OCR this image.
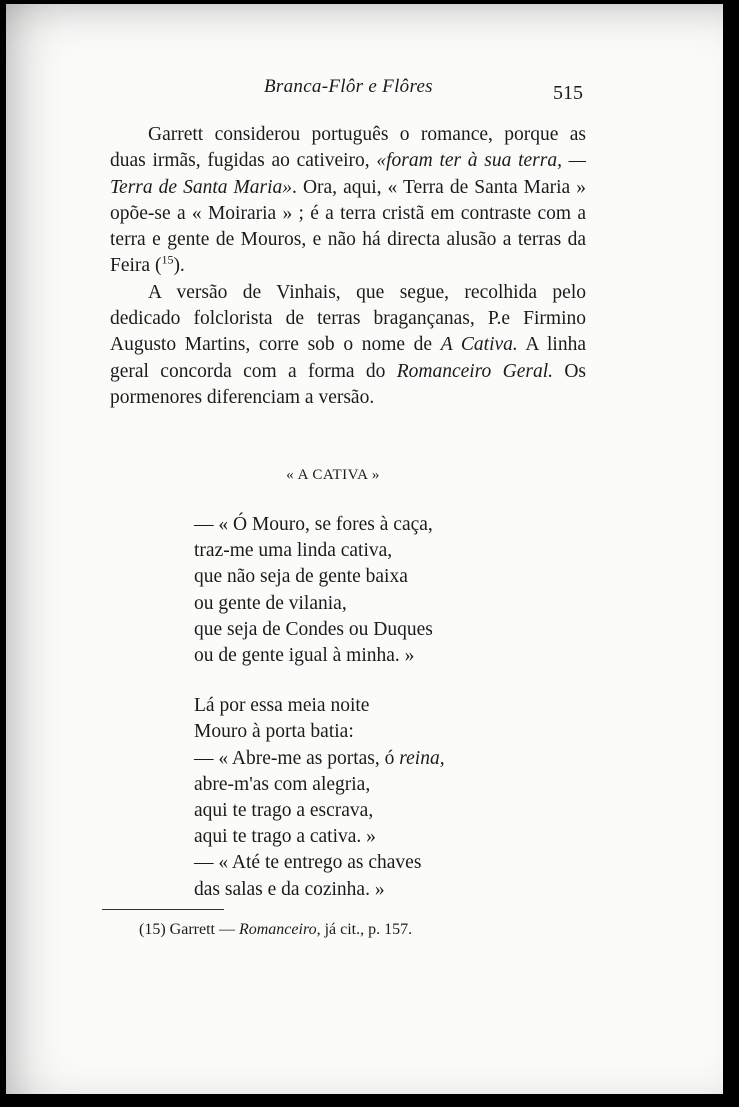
Branca-Flôr e Flôres	515

Garrett considerou português o romance, porque as duas irmãs, fugidas ao cativeiro, «foram ter à sua terra, — Terra de Santa Maria». Ora, aqui, « Terra de Santa Maria » opõe-se a « Moiraria » ; é a terra cristã em contraste com a terra e gente de Mouros, e não há directa alusão a terras da Feira ($^{15}$).

A versão de Vinhais, que segue, recolhida pelo dedicado folclorista de terras bragançanas, P.e Firmino Augusto Martins, corre sob o nome de A Cativa. A linha geral concorda com a forma do Romanceiro Geral. Os pormenores diferenciam a versão.

« A CATIVA »
— « Ó Mouro, se fores à caça,
traz-me uma linda cativa,
que não seja de gente baixa
ou gente de vilania,
que seja de Condes ou Duques
ou de gente igual à minha. »
Lá por essa meia noite
Mouro à porta batia:
— « Abre-me as portas, ó reina,
abre-m'as com alegria,
aqui te trago a escrava,
aqui te trago a cativa. »
— « Até te entrego as chaves
das salas e da cozinha. »
(15) Garrett — Romanceiro, já cit., p. 157.
